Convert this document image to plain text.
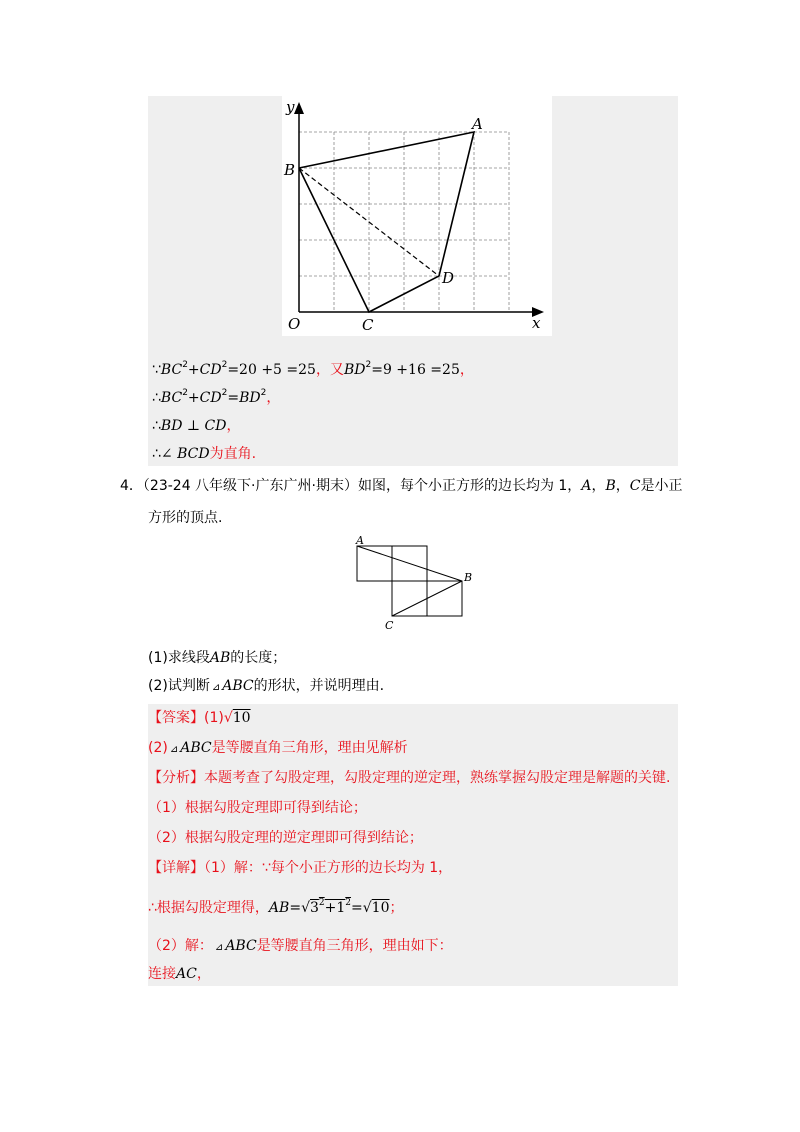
y
x
O
A
B
C
D
$\because BC^2+CD^2=20 +5 =25$，又$BD^2=9 +16 =25$，
$\therefore BC^2+CD^2=BD^2$，
∴BD ⊥ CD，
∴∠ BCD为直角.
4．（23-24 八年级下·广东广州·期末）如图，每个小正方形的边长均为 1，A，B，C是小正
方形的顶点.
A
B
C
(1)求线段AB的长度；
(2)试判断 ⊿ ABC的形状，并说明理由.
【答案】(1)√10
(2) ⊿ ABC是等腰直角三角形，理由见解析
【分析】本题考查了勾股定理，勾股定理的逆定理，熟练掌握勾股定理是解题的关键.
（1）根据勾股定理即可得到结论；
（2）根据勾股定理的逆定理即可得到结论；
【详解】（1）解：∵每个小正方形的边长均为 1，
∴根据勾股定理得，$AB=√3^2+1^2=√10$；
（2）解： ⊿ ABC是等腰直角三角形，理由如下：
连接AC，
